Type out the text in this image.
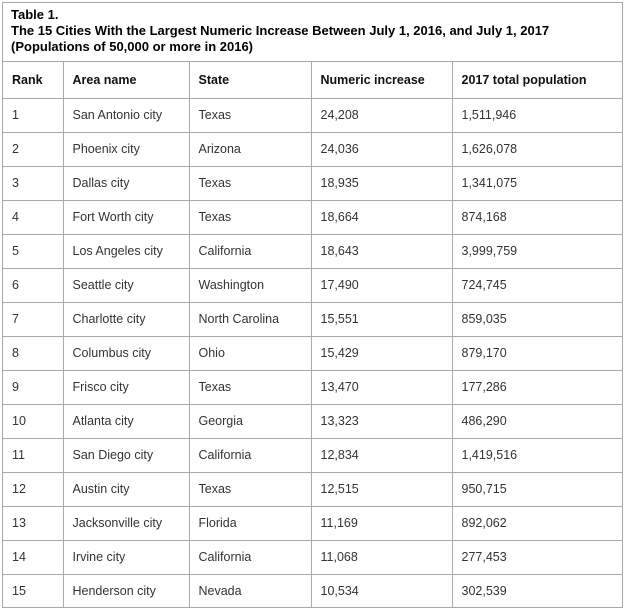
Table 1.
The 15 Cities With the Largest Numeric Increase Between July 1, 2016, and July 1, 2017
(Populations of 50,000 or more in 2016)
Rank	Area name	State	Numeric increase	2017 total population
1	San Antonio city	Texas	24,208	1,511,946
2	Phoenix city	Arizona	24,036	1,626,078
3	Dallas city	Texas	18,935	1,341,075
4	Fort Worth city	Texas	18,664	874,168
5	Los Angeles city	California	18,643	3,999,759
6	Seattle city	Washington	17,490	724,745
7	Charlotte city	North Carolina	15,551	859,035
8	Columbus city	Ohio	15,429	879,170
9	Frisco city	Texas	13,470	177,286
10	Atlanta city	Georgia	13,323	486,290
11	San Diego city	California	12,834	1,419,516
12	Austin city	Texas	12,515	950,715
13	Jacksonville city	Florida	11,169	892,062
14	Irvine city	California	11,068	277,453
15	Henderson city	Nevada	10,534	302,539
